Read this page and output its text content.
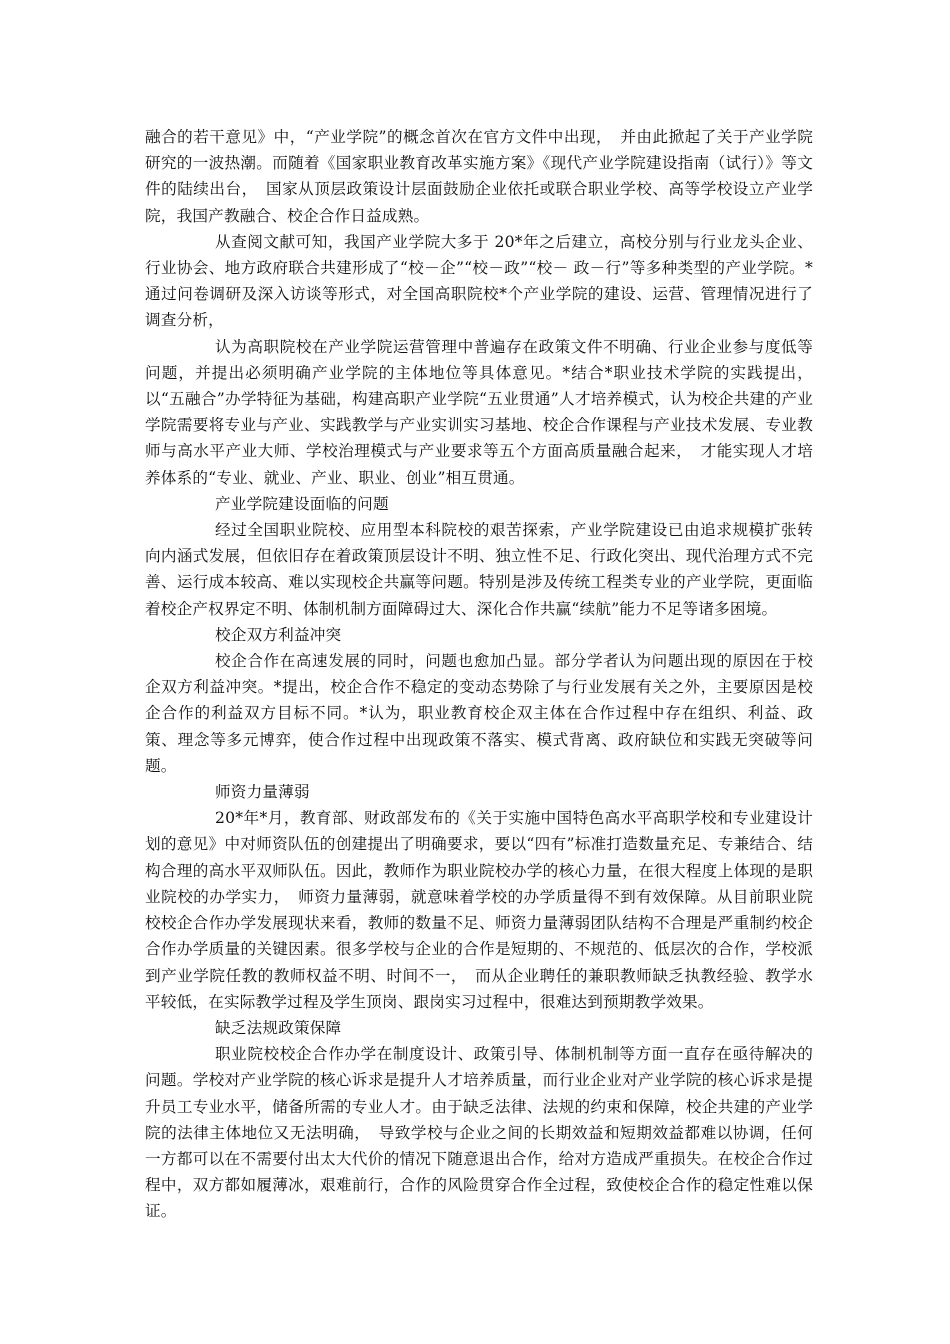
融合的若干意见》中，“产业学院”的概念首次在官方文件中出现，　并由此掀起了关于产业学院研究的一波热潮。而随着《国家职业教育改革实施方案》《现代产业学院建设指南（试行）》等文件的陆续出台，　国家从顶层政策设计层面鼓励企业依托或联合职业学校、高等学校设立产业学院，我国产教融合、校企合作日益成熟。

从查阅文献可知，我国产业学院大多于 20*年之后建立，高校分别与行业龙头企业、行业协会、地方政府联合共建形成了“校－企”“校－政”“校－ 政－行”等多种类型的产业学院。*通过问卷调研及深入访谈等形式，对全国高职院校*个产业学院的建设、运营、管理情况进行了调查分析，

认为高职院校在产业学院运营管理中普遍存在政策文件不明确、行业企业参与度低等问题，并提出必须明确产业学院的主体地位等具体意见。*结合*职业技术学院的实践提出，以“五融合”办学特征为基础，构建高职产业学院“五业贯通”人才培养模式，认为校企共建的产业学院需要将专业与产业、实践教学与产业实训实习基地、校企合作课程与产业技术发展、专业教师与高水平产业大师、学校治理模式与产业要求等五个方面高质量融合起来，　才能实现人才培养体系的“专业、就业、产业、职业、创业”相互贯通。

产业学院建设面临的问题

经过全国职业院校、应用型本科院校的艰苦探索，产业学院建设已由追求规模扩张转向内涵式发展，但依旧存在着政策顶层设计不明、独立性不足、行政化突出、现代治理方式不完善、运行成本较高、难以实现校企共赢等问题。特别是涉及传统工程类专业的产业学院，更面临着校企产权界定不明、体制机制方面障碍过大、深化合作共赢“续航”能力不足等诸多困境。

校企双方利益冲突

校企合作在高速发展的同时，问题也愈加凸显。部分学者认为问题出现的原因在于校企双方利益冲突。*提出，校企合作不稳定的变动态势除了与行业发展有关之外，主要原因是校企合作的利益双方目标不同。*认为，职业教育校企双主体在合作过程中存在组织、利益、政策、理念等多元博弈，使合作过程中出现政策不落实、模式背离、政府缺位和实践无突破等问题。

师资力量薄弱

20*年*月，教育部、财政部发布的《关于实施中国特色高水平高职学校和专业建设计划的意见》中对师资队伍的创建提出了明确要求，要以“四有”标准打造数量充足、专兼结合、结构合理的高水平双师队伍。因此，教师作为职业院校办学的核心力量，在很大程度上体现的是职业院校的办学实力，　师资力量薄弱，就意味着学校的办学质量得不到有效保障。从目前职业院校校企合作办学发展现状来看，教师的数量不足、师资力量薄弱团队结构不合理是严重制约校企合作办学质量的关键因素。很多学校与企业的合作是短期的、不规范的、低层次的合作，学校派到产业学院任教的教师权益不明、时间不一，　而从企业聘任的兼职教师缺乏执教经验、教学水平较低，在实际教学过程及学生顶岗、跟岗实习过程中，很难达到预期教学效果。

缺乏法规政策保障

职业院校校企合作办学在制度设计、政策引导、体制机制等方面一直存在亟待解决的问题。学校对产业学院的核心诉求是提升人才培养质量，而行业企业对产业学院的核心诉求是提升员工专业水平，储备所需的专业人才。由于缺乏法律、法规的约束和保障，校企共建的产业学院的法律主体地位又无法明确，　导致学校与企业之间的长期效益和短期效益都难以协调，任何一方都可以在不需要付出太大代价的情况下随意退出合作，给对方造成严重损失。在校企合作过程中，双方都如履薄冰，艰难前行，合作的风险贯穿合作全过程，致使校企合作的稳定性难以保证。
